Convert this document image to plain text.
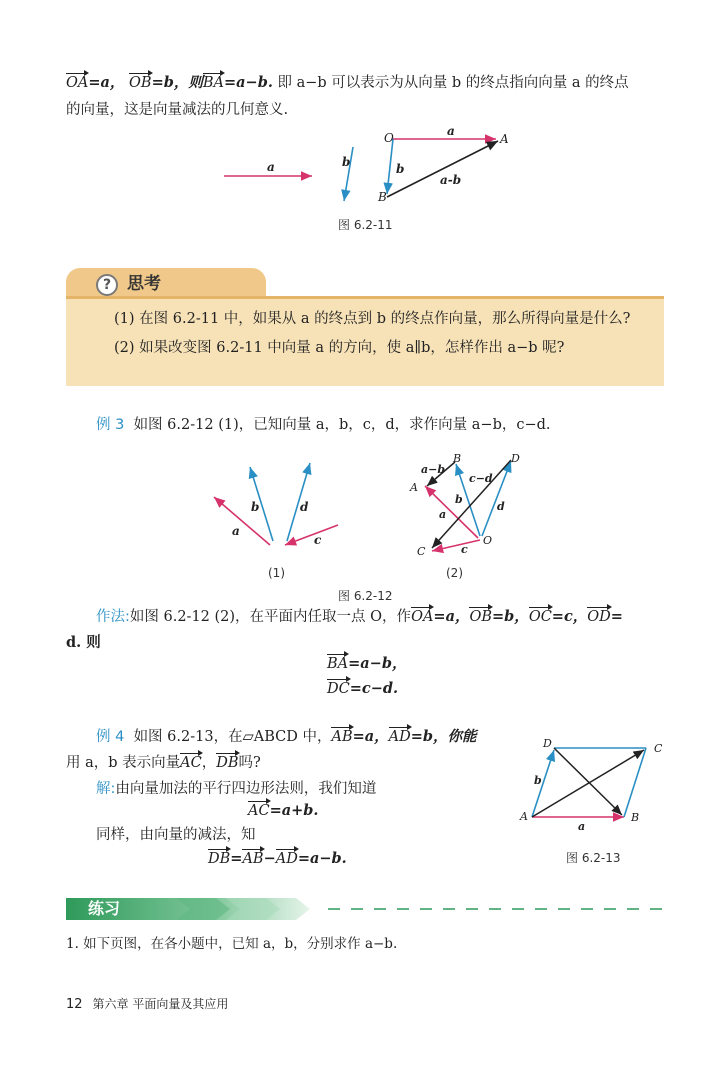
OA=a， OB=b，则BA=a−b. 即 a−b 可以表示为从向量 b 的终点指向向量 a 的终点
的向量，这是向量减法的几何意义.
a	b
O	A
a
b
B
a-b
图 6.2-11
? 思考
(1) 在图 6.2-11 中，如果从 a 的终点到 b 的终点作向量，那么所得向量是什么?
(2) 如果改变图 6.2-11 中向量 a 的方向，使 a∥b，怎样作出 a−b 呢?
例 3 如图 6.2-12 (1)，已知向量 a，b，c，d，求作向量 a−b，c−d.
a
b	d
c
(1)
B	D
a−b
c−d
A
b
a
d
C	c
O
(2)
图 6.2-12
作法:如图 6.2-12 (2)，在平面内任取一点 O，作OA=a，OB=b，OC=c，OD=
d. 则
BA=a−b，
DC=c−d.
例 4 如图 6.2-13，在▱ABCD 中，AB=a，AD=b，你能
用 a，b 表示向量AC，DB吗?
解:由向量加法的平行四边形法则，我们知道
AC=a+b.
同样，由向量的减法，知
DB=AB−AD=a−b.
D	C
b
A
a
B
图 6.2-13
练习
1. 如下页图，在各小题中，已知 a，b，分别求作 a−b.
12 第六章 平面向量及其应用
